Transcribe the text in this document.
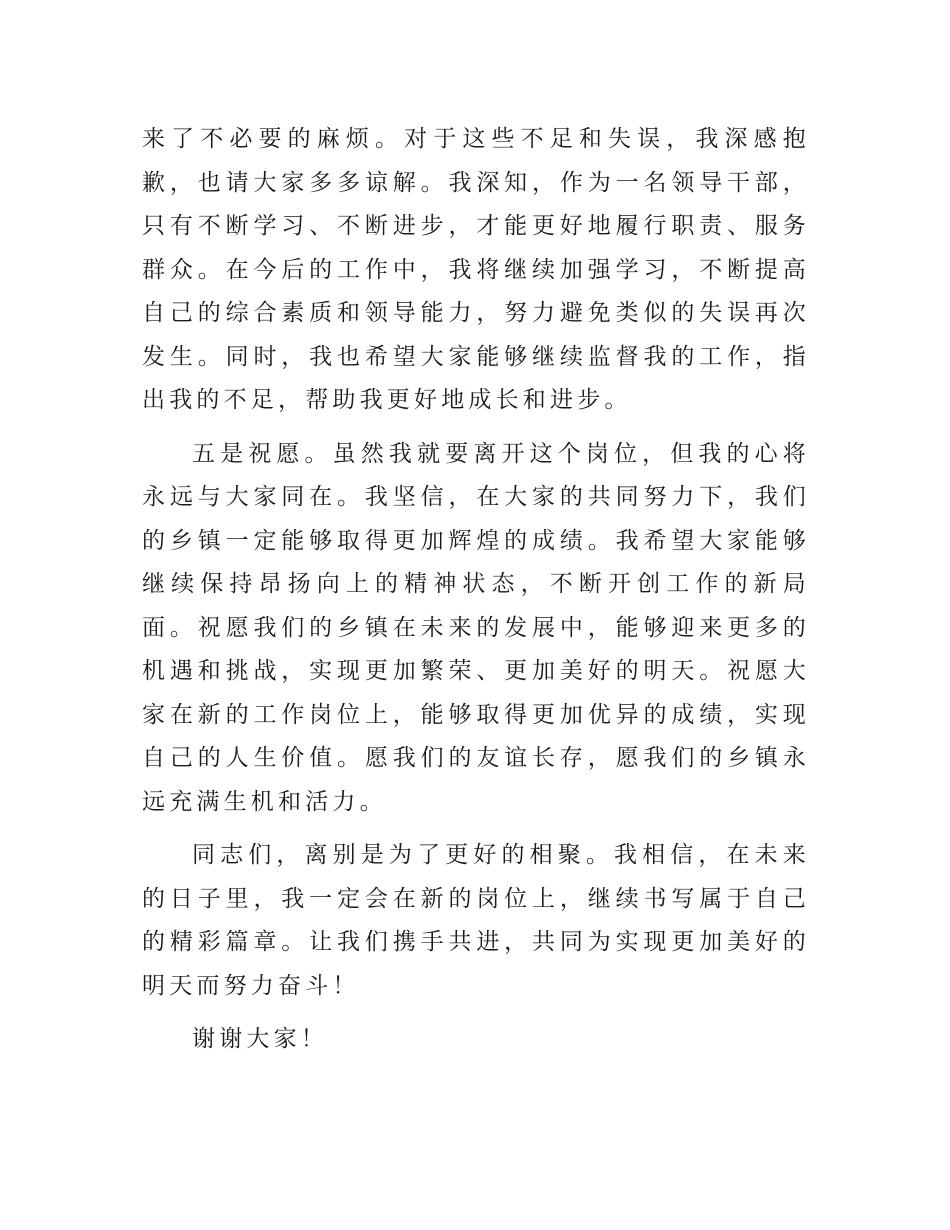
来了不必要的麻烦。对于这些不足和失误，我深感抱歉，也请大家多多谅解。我深知，作为一名领导干部，只有不断学习、不断进步，才能更好地履行职责、服务群众。在今后的工作中，我将继续加强学习，不断提高自己的综合素质和领导能力，努力避免类似的失误再次发生。同时，我也希望大家能够继续监督我的工作，指出我的不足，帮助我更好地成长和进步。

五是祝愿。虽然我就要离开这个岗位，但我的心将永远与大家同在。我坚信，在大家的共同努力下，我们的乡镇一定能够取得更加辉煌的成绩。我希望大家能够继续保持昂扬向上的精神状态，不断开创工作的新局面。祝愿我们的乡镇在未来的发展中，能够迎来更多的机遇和挑战，实现更加繁荣、更加美好的明天。祝愿大家在新的工作岗位上，能够取得更加优异的成绩，实现自己的人生价值。愿我们的友谊长存，愿我们的乡镇永远充满生机和活力。

同志们，离别是为了更好的相聚。我相信，在未来的日子里，我一定会在新的岗位上，继续书写属于自己的精彩篇章。让我们携手共进，共同为实现更加美好的明天而努力奋斗！

谢谢大家！
